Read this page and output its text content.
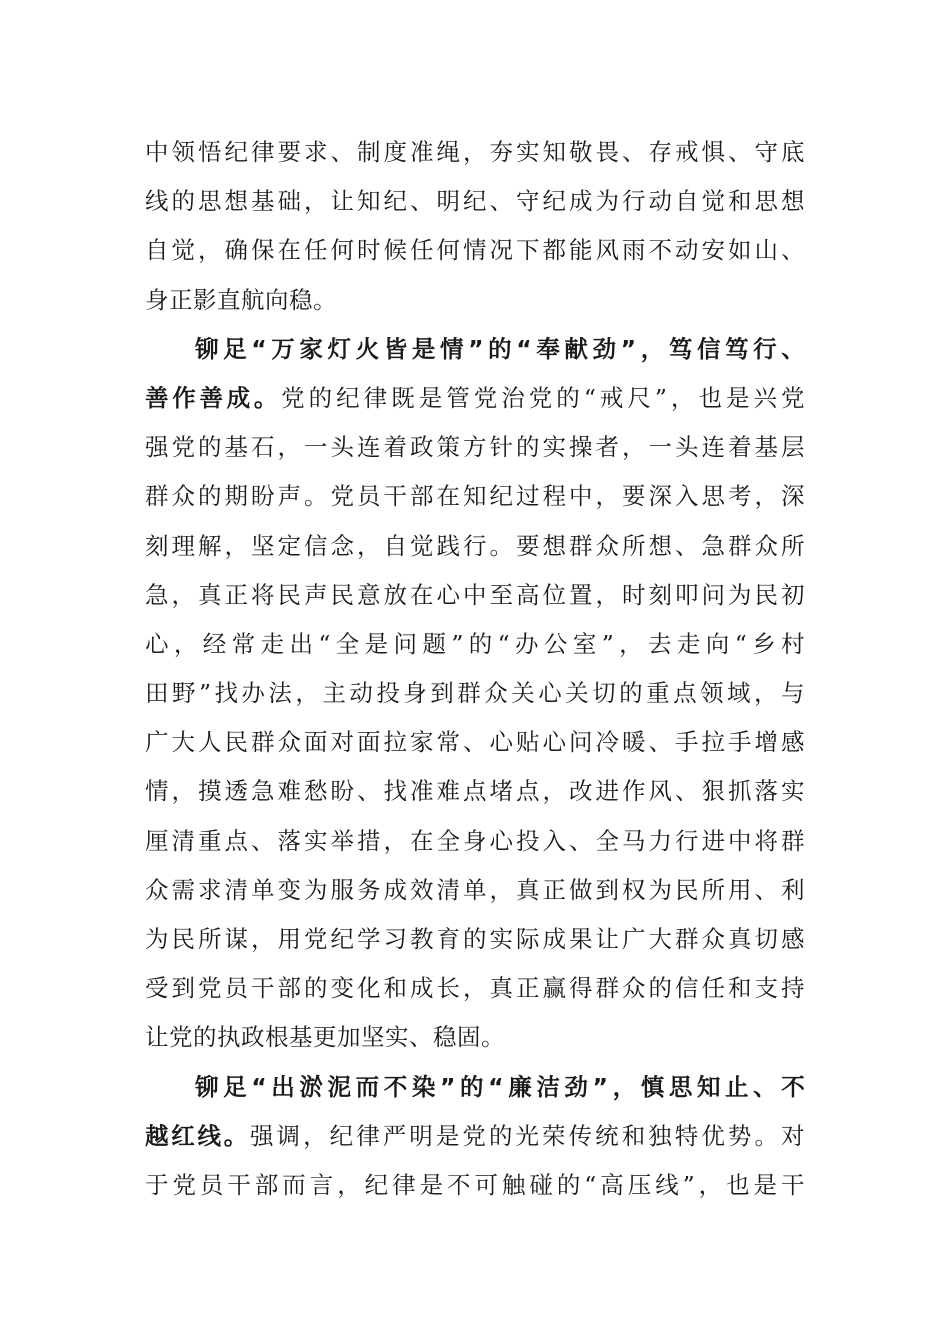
中领悟纪律要求、制度准绳，夯实知敬畏、存戒惧、守底
线的思想基础，让知纪、明纪、守纪成为行动自觉和思想
自觉，确保在任何时候任何情况下都能风雨不动安如山、
身正影直航向稳。
铆足“万家灯火皆是情”的“奉献劲”，笃信笃行、
善作善成。党的纪律既是管党治党的“戒尺”，也是兴党
强党的基石，一头连着政策方针的实操者，一头连着基层
群众的期盼声。党员干部在知纪过程中，要深入思考，深
刻理解，坚定信念，自觉践行。要想群众所想、急群众所
急，真正将民声民意放在心中至高位置，时刻叩问为民初
心，经常走出“全是问题”的“办公室”，去走向“乡村
田野”找办法，主动投身到群众关心关切的重点领域，与
广大人民群众面对面拉家常、心贴心问冷暖、手拉手增感
情，摸透急难愁盼、找准难点堵点，改进作风、狠抓落实
厘清重点、落实举措，在全身心投入、全马力行进中将群
众需求清单变为服务成效清单，真正做到权为民所用、利
为民所谋，用党纪学习教育的实际成果让广大群众真切感
受到党员干部的变化和成长，真正赢得群众的信任和支持
让党的执政根基更加坚实、稳固。
铆足“出淤泥而不染”的“廉洁劲”，慎思知止、不
越红线。强调，纪律严明是党的光荣传统和独特优势。对
于党员干部而言，纪律是不可触碰的“高压线”，也是干
